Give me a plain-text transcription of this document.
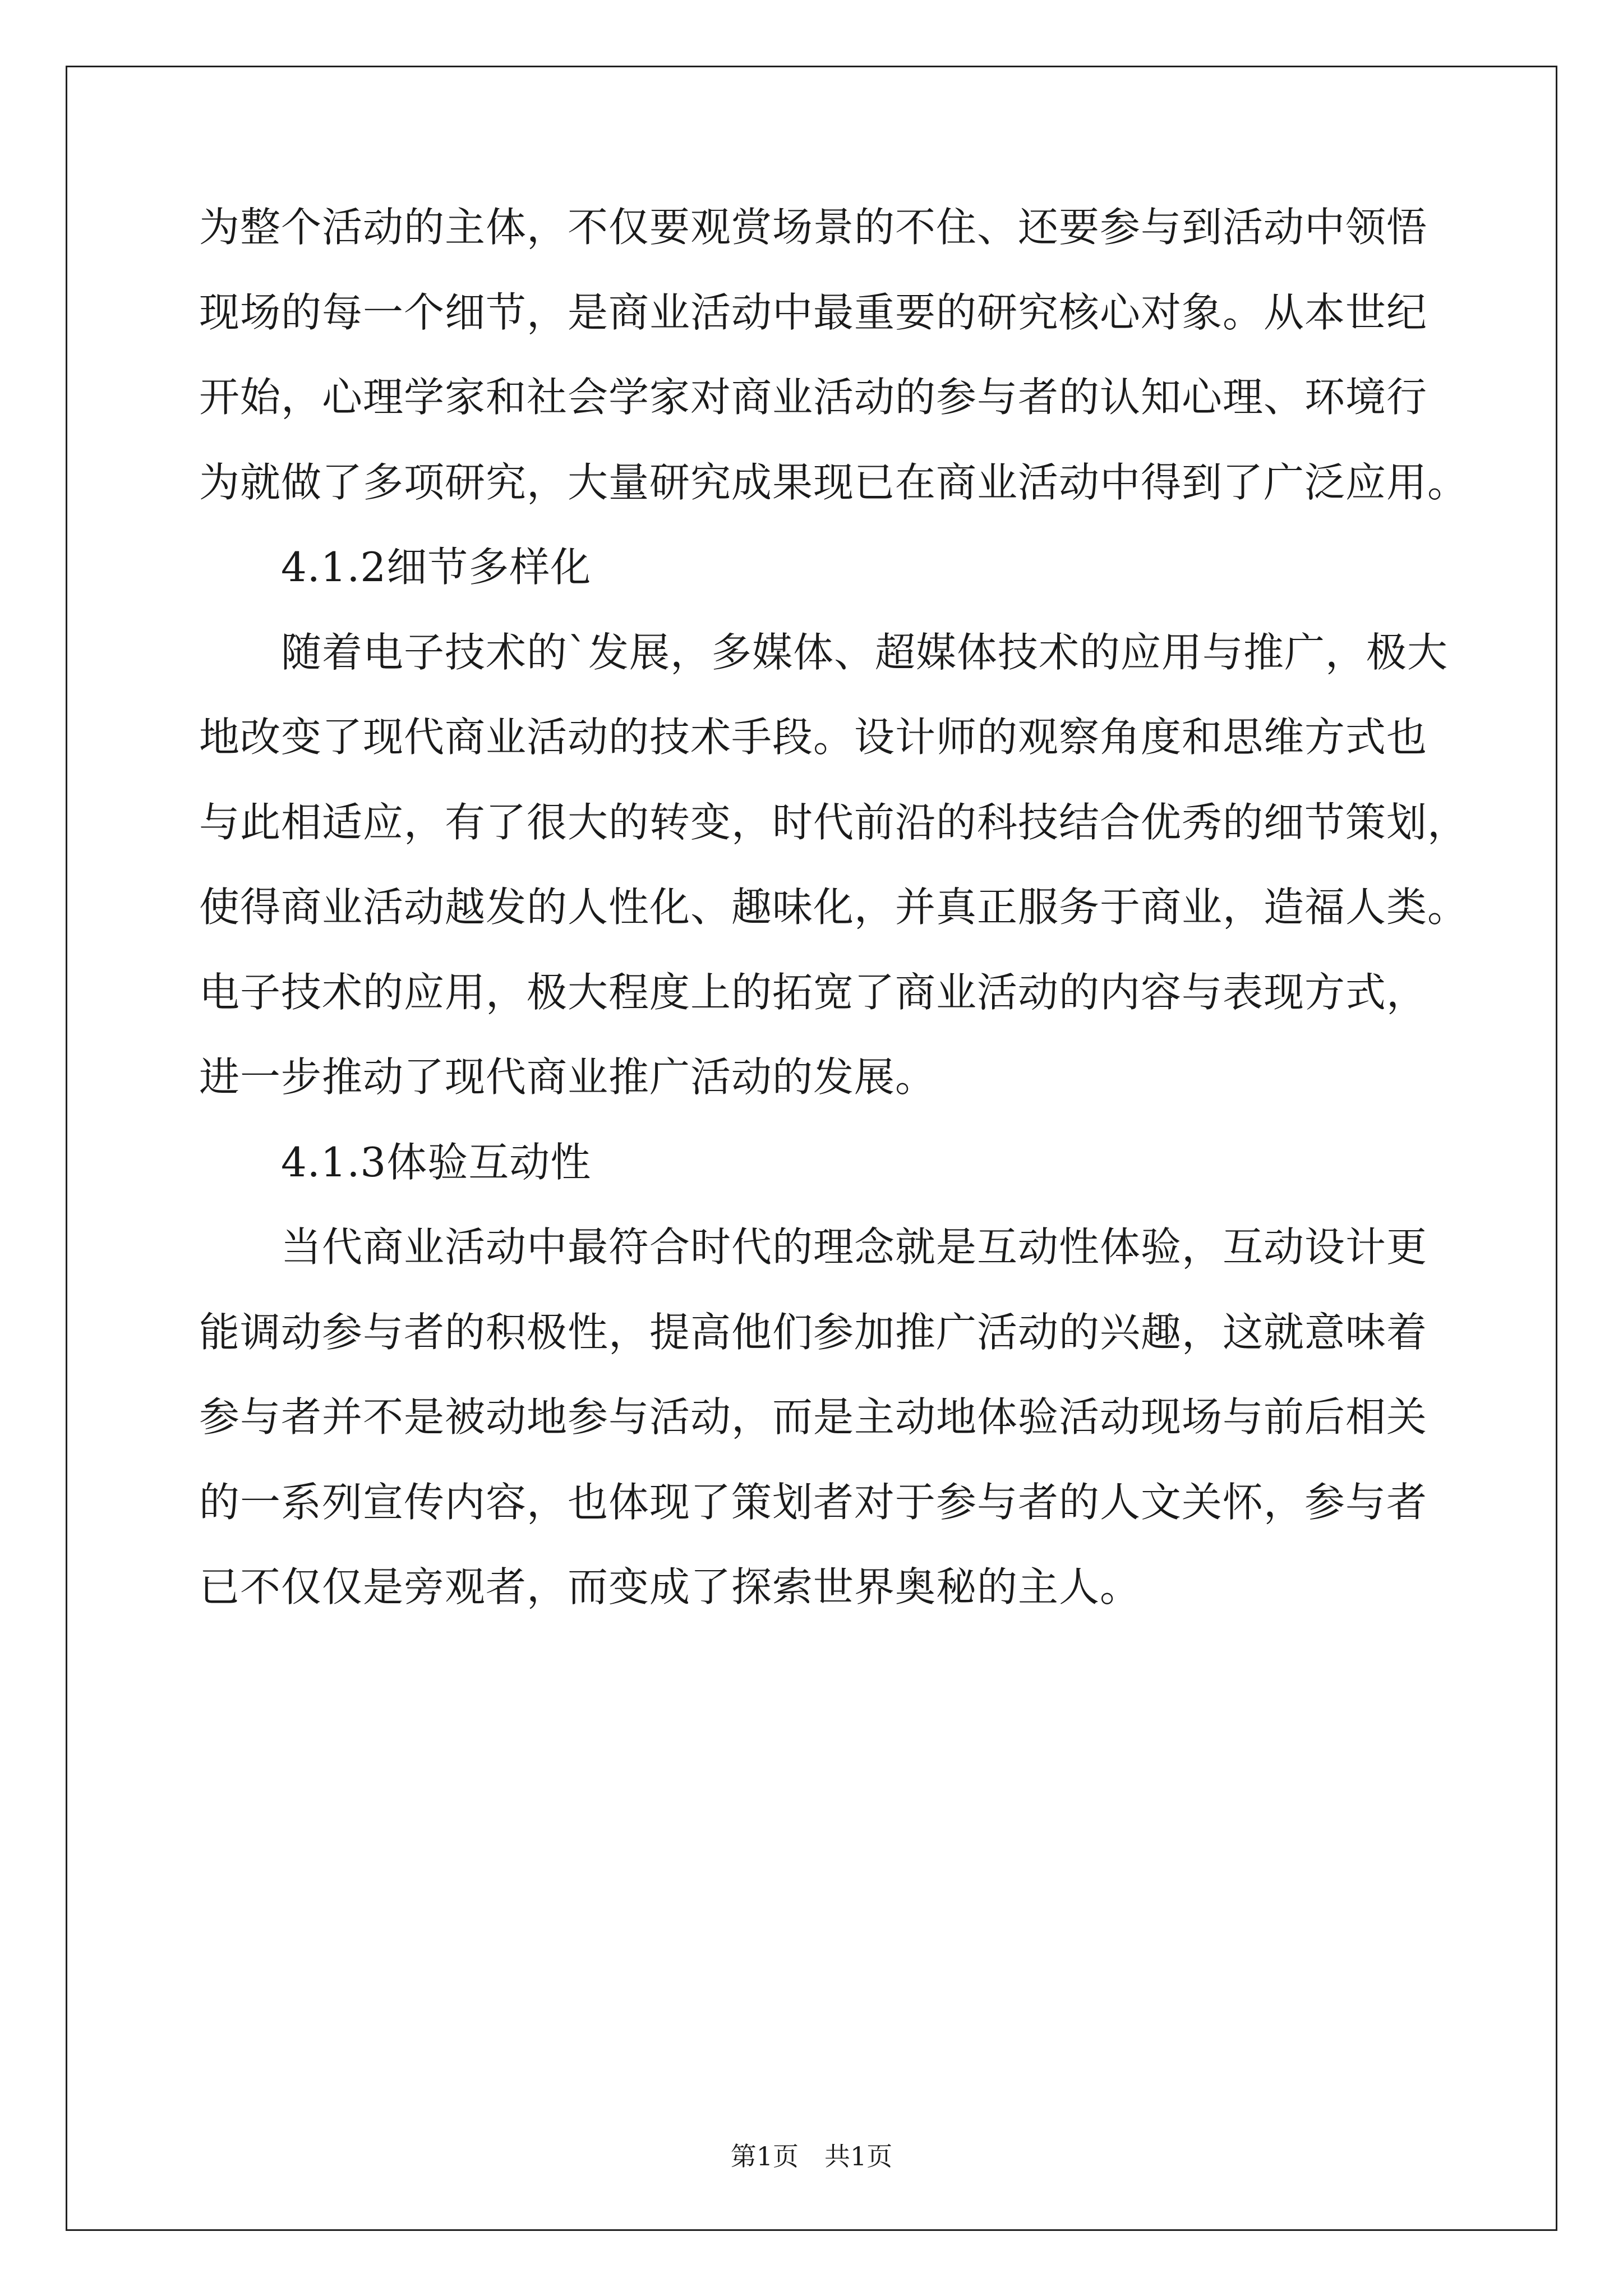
为整个活动的主体，不仅要观赏场景的不住、还要参与到活动中领悟
现场的每一个细节，是商业活动中最重要的研究核心对象。从本世纪
开始，心理学家和社会学家对商业活动的参与者的认知心理、环境行
为就做了多项研究，大量研究成果现已在商业活动中得到了广泛应用。
4.1.2细节多样化
随着电子技术的`发展，多媒体、超媒体技术的应用与推广，极大
地改变了现代商业活动的技术手段。设计师的观察角度和思维方式也
与此相适应，有了很大的转变，时代前沿的科技结合优秀的细节策划，
使得商业活动越发的人性化、趣味化，并真正服务于商业，造福人类。
电子技术的应用，极大程度上的拓宽了商业活动的内容与表现方式，
进一步推动了现代商业推广活动的发展。
4.1.3体验互动性
当代商业活动中最符合时代的理念就是互动性体验，互动设计更
能调动参与者的积极性，提高他们参加推广活动的兴趣，这就意味着
参与者并不是被动地参与活动，而是主动地体验活动现场与前后相关
的一系列宣传内容，也体现了策划者对于参与者的人文关怀，参与者
已不仅仅是旁观者，而变成了探索世界奥秘的主人。
第1页 共1页
